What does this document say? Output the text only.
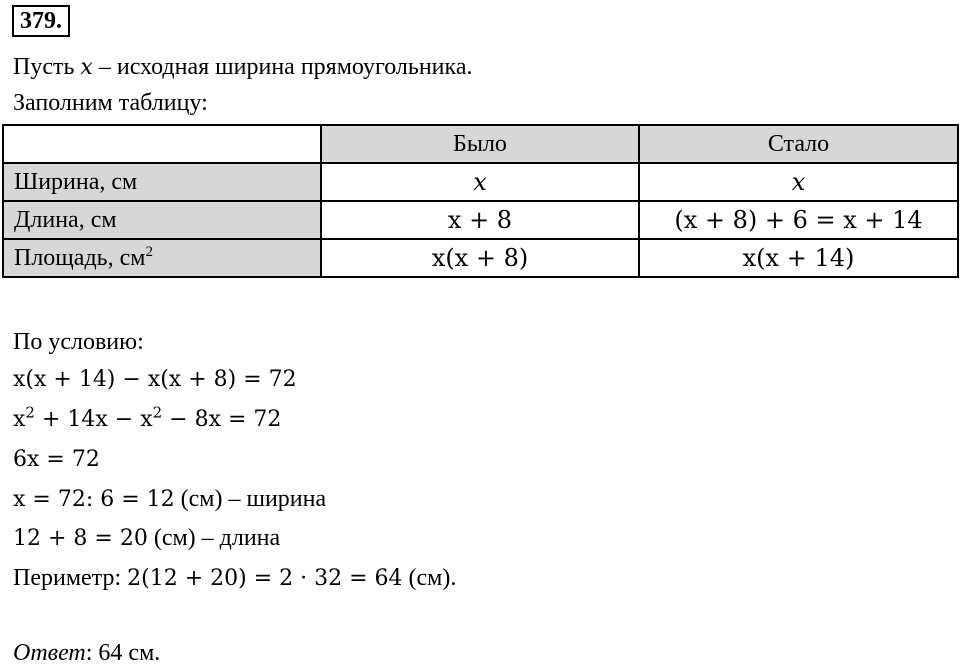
379.
Пусть x – исходная ширина прямоугольника.
Заполним таблицу:
	Было	Стало
Ширина, см	x	x
Длина, см	x + 8	(x + 8) + 6 = x + 14
Площадь, $см^2$	x(x + 8)	x(x + 14)
По условию:
x(x + 14) − x(x + 8) = 72
$x^2 + 14x - x^2 - 8x = 72$
6x = 72
x = 72: 6 = 12 (см) – ширина
12 + 8 = 20 (см) – длина
Периметр: 2(12 + 20) = 2 · 32 = 64 (см).
Ответ: 64 см.
